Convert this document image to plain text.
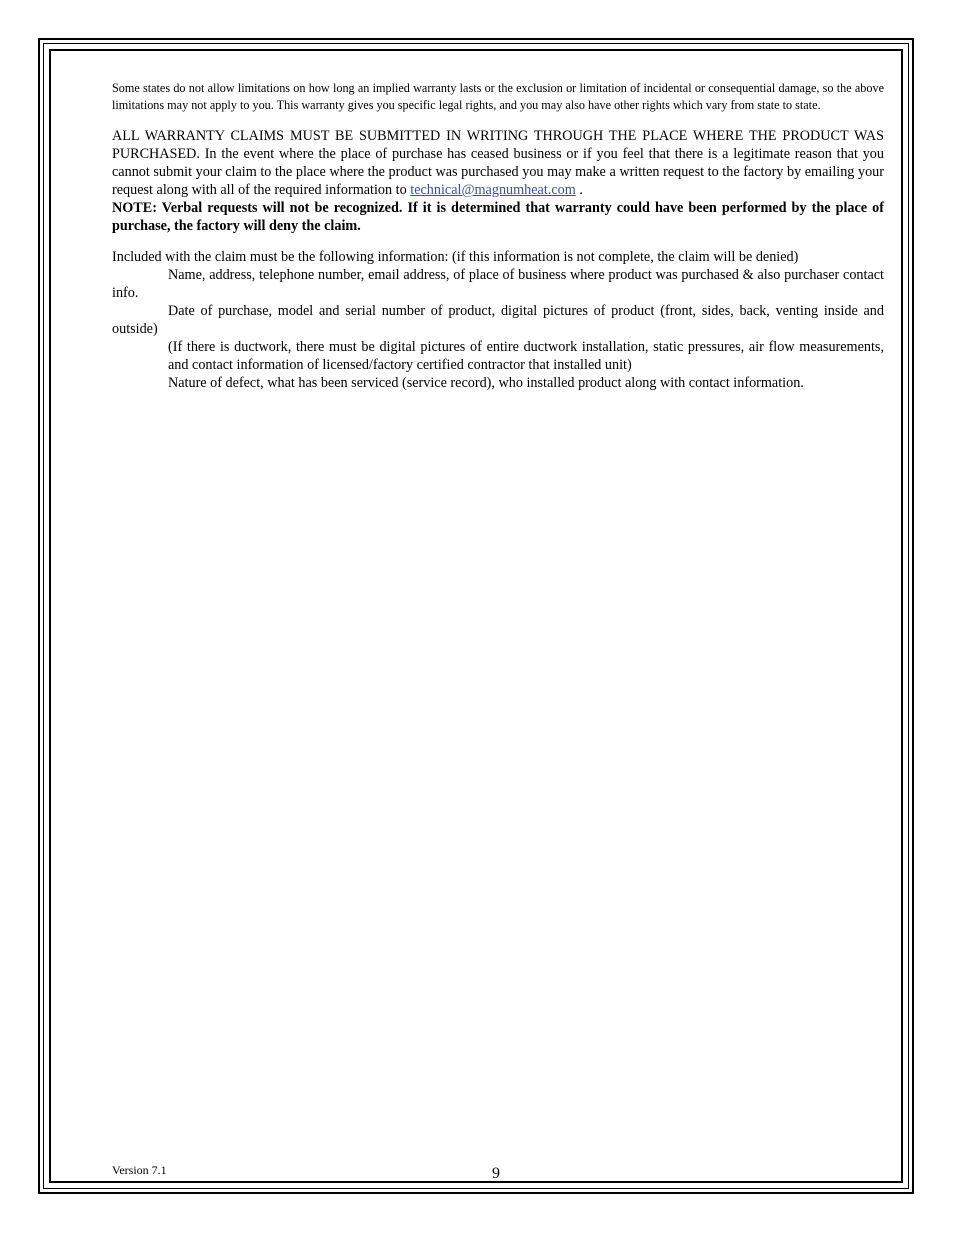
Some states do not allow limitations on how long an implied warranty lasts or the exclusion or limitation of incidental or consequential damage, so the above limitations may not apply to you. This warranty gives you specific legal rights, and you may also have other rights which vary from state to state.

ALL WARRANTY CLAIMS MUST BE SUBMITTED IN WRITING THROUGH THE PLACE WHERE THE PRODUCT WAS PURCHASED. In the event where the place of purchase has ceased business or if you feel that there is a legitimate reason that you cannot submit your claim to the place where the product was purchased you may make a written request to the factory by emailing your request along with all of the required information to technical@magnumheat.com .
NOTE: Verbal requests will not be recognized. If it is determined that warranty could have been performed by the place of purchase, the factory will deny the claim.

Included with the claim must be the following information: (if this information is not complete, the claim will be denied)
Name, address, telephone number, email address, of place of business where product was purchased & also purchaser contact info.
Date of purchase, model and serial number of product, digital pictures of product (front, sides, back, venting inside and outside)
(If there is ductwork, there must be digital pictures of entire ductwork installation, static pressures, air flow measurements, and contact information of licensed/factory certified contractor that installed unit)
Nature of defect, what has been serviced (service record), who installed product along with contact information.
Version 7.1	9
